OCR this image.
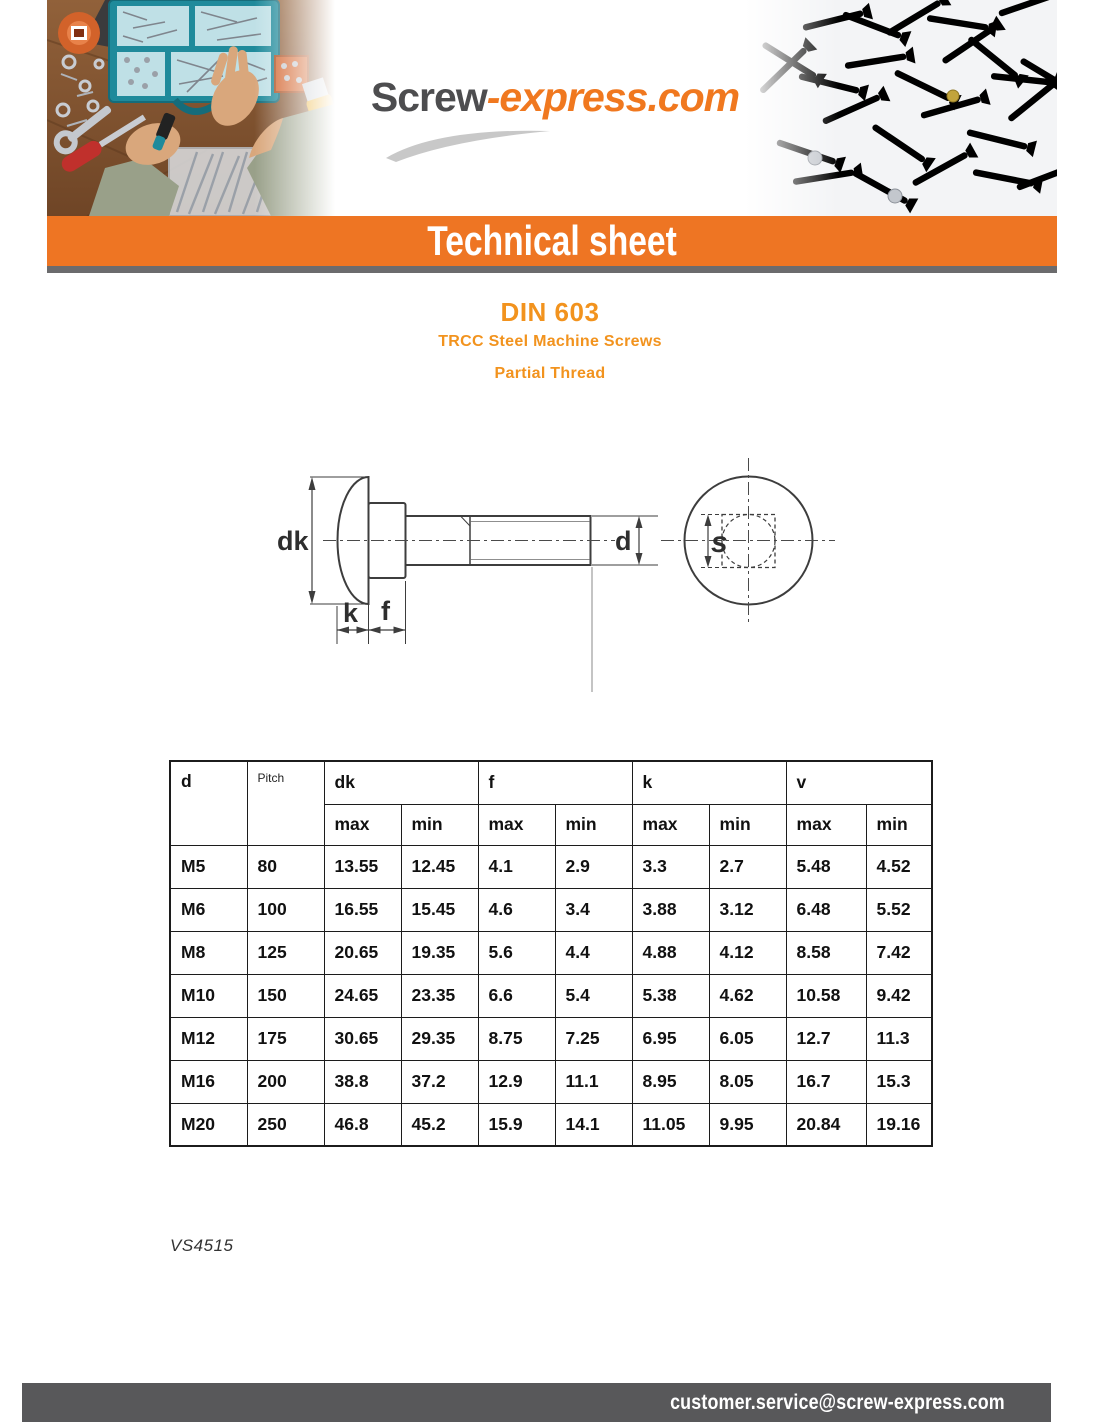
Screw-express.com
Technical sheet
DIN 603
TRCC Steel Machine Screws
Partial Thread
dk	d
k f
s
d	Pitch	dk		f		k		v	
		max	min	max	min	max	min	max	min
M5	80	13.55	12.45	4.1	2.9	3.3	2.7	5.48	4.52
M6	100	16.55	15.45	4.6	3.4	3.88	3.12	6.48	5.52
M8	125	20.65	19.35	5.6	4.4	4.88	4.12	8.58	7.42
M10	150	24.65	23.35	6.6	5.4	5.38	4.62	10.58	9.42
M12	175	30.65	29.35	8.75	7.25	6.95	6.05	12.7	11.3
M16	200	38.8	37.2	12.9	11.1	8.95	8.05	16.7	15.3
M20	250	46.8	45.2	15.9	14.1	11.05	9.95	20.84	19.16
VS4515
customer.service@screw-express.com
